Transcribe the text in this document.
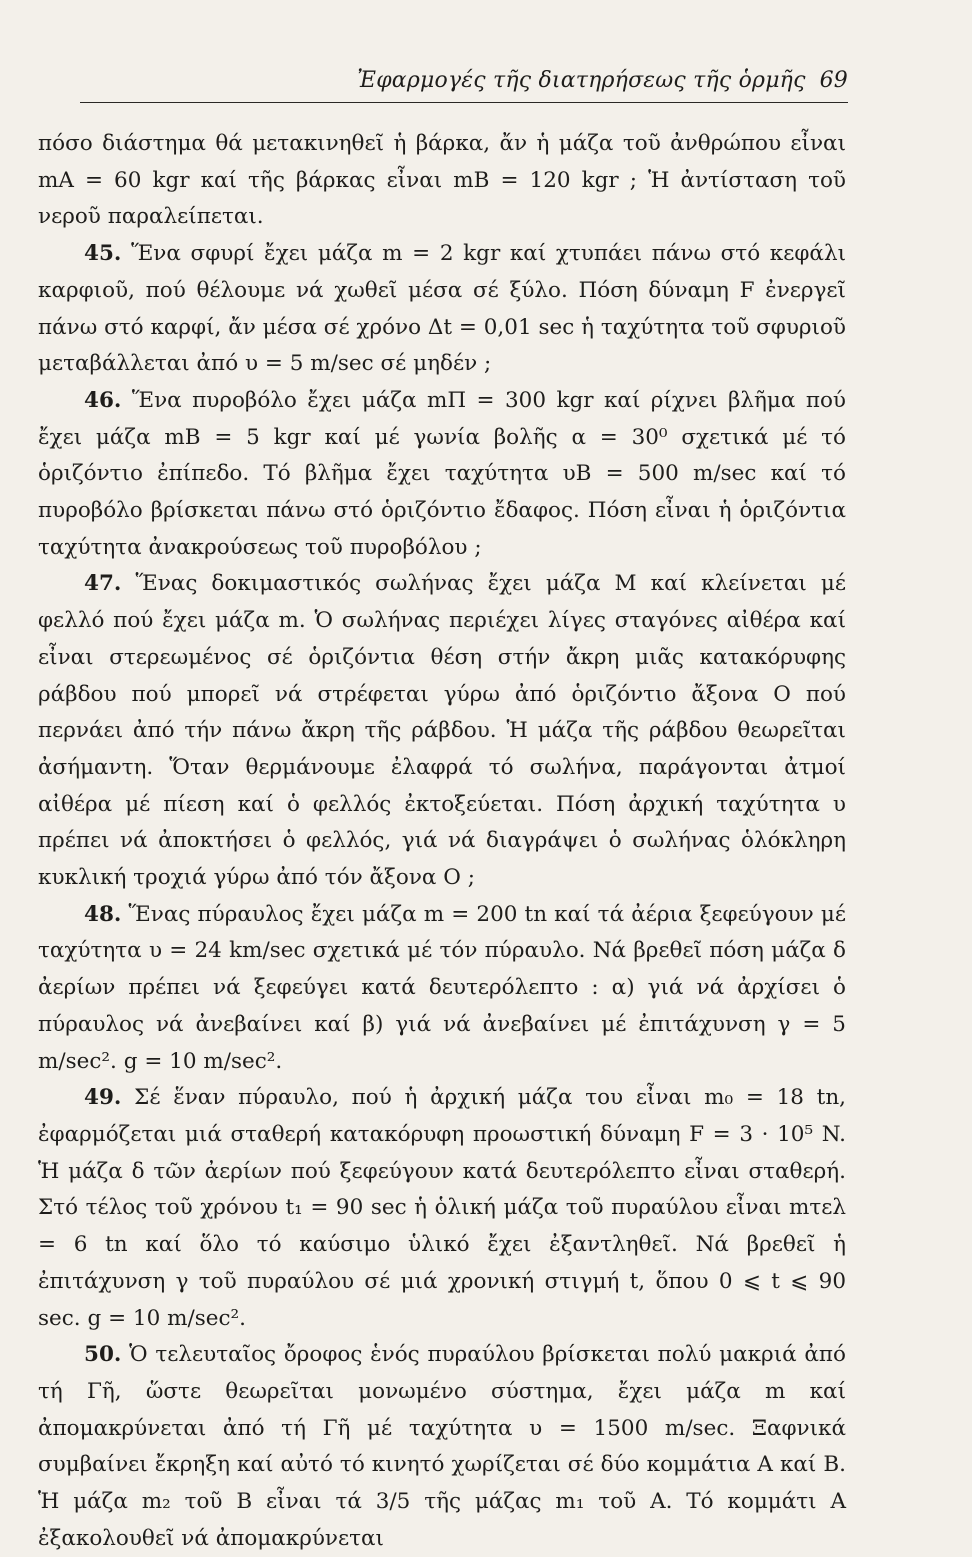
Ἐφαρμογές τῆς διατηρήσεως τῆς ὁρμῆς 69

πόσο διάστημα θά μετακινηθεῖ ἡ βάρκα, ἄν ἡ μάζα τοῦ ἀνθρώπου εἶναι mA = 60 kgr καί τῆς βάρκας εἶναι mB = 120 kgr ; Ἡ ἀντίσταση τοῦ νεροῦ παραλείπεται.

45. Ἕνα σφυρί ἔχει μάζα m = 2 kgr καί χτυπάει πάνω στό κεφάλι καρφιοῦ, πού θέλουμε νά χωθεῖ μέσα σέ ξύλο. Πόση δύναμη F ἐνεργεῖ πάνω στό καρφί, ἄν μέσα σέ χρόνο Δt = 0,01 sec ἡ ταχύτητα τοῦ σφυριοῦ μεταβάλλεται ἀπό υ = 5 m/sec σέ μηδέν ;

46. Ἕνα πυροβόλο ἔχει μάζα mΠ = 300 kgr καί ρίχνει βλῆμα πού ἔχει μάζα mB = 5 kgr καί μέ γωνία βολῆς α = 30⁰ σχετικά μέ τό ὁριζόντιο ἐπίπεδο. Τό βλῆμα ἔχει ταχύτητα υB = 500 m/sec καί τό πυροβόλο βρίσκεται πάνω στό ὁριζόντιο ἔδαφος. Πόση εἶναι ἡ ὁριζόντια ταχύτητα ἀνακρούσεως τοῦ πυροβόλου ;

47. Ἕνας δοκιμαστικός σωλήνας ἔχει μάζα M καί κλείνεται μέ φελλό πού ἔχει μάζα m. Ὁ σωλήνας περιέχει λίγες σταγόνες αἰθέρα καί εἶναι στερεωμένος σέ ὁριζόντια θέση στήν ἄκρη μιᾶς κατακόρυφης ράβδου πού μπορεῖ νά στρέφεται γύρω ἀπό ὁριζόντιο ἄξονα O πού περνάει ἀπό τήν πάνω ἄκρη τῆς ράβδου. Ἡ μάζα τῆς ράβδου θεωρεῖται ἀσήμαντη. Ὅταν θερμάνουμε ἐλαφρά τό σωλήνα, παράγονται ἀτμοί αἰθέρα μέ πίεση καί ὁ φελλός ἐκτοξεύεται. Πόση ἀρχική ταχύτητα υ πρέπει νά ἀποκτήσει ὁ φελλός, γιά νά διαγράψει ὁ σωλήνας ὁλόκληρη κυκλική τροχιά γύρω ἀπό τόν ἄξονα O ;

48. Ἕνας πύραυλος ἔχει μάζα m = 200 tn καί τά ἀέρια ξεφεύγουν μέ ταχύτητα υ = 24 km/sec σχετικά μέ τόν πύραυλο. Νά βρεθεῖ πόση μάζα δ ἀερίων πρέπει νά ξεφεύγει κατά δευτερόλεπτο : α) γιά νά ἀρχίσει ὁ πύραυλος νά ἀνεβαίνει καί β) γιά νά ἀνεβαίνει μέ ἐπιτάχυνση γ = 5 m/sec². g = 10 m/sec².

49. Σέ ἕναν πύραυλο, πού ἡ ἀρχική μάζα του εἶναι m₀ = 18 tn, ἐφαρμόζεται μιά σταθερή κατακόρυφη προωστική δύναμη F = 3 · 10⁵ N. Ἡ μάζα δ τῶν ἀερίων πού ξεφεύγουν κατά δευτερόλεπτο εἶναι σταθερή. Στό τέλος τοῦ χρόνου t₁ = 90 sec ἡ ὁλική μάζα τοῦ πυραύλου εἶναι mτελ = 6 tn καί ὅλο τό καύσιμο ὑλικό ἔχει ἐξαντληθεῖ. Νά βρεθεῖ ἡ ἐπιτάχυνση γ τοῦ πυραύλου σέ μιά χρονική στιγμή t, ὅπου 0 ⩽ t ⩽ 90 sec. g = 10 m/sec².

50. Ὁ τελευταῖος ὄροφος ἑνός πυραύλου βρίσκεται πολύ μακριά ἀπό τή Γῆ, ὥστε θεωρεῖται μονωμένο σύστημα, ἔχει μάζα m καί ἀπομακρύνεται ἀπό τή Γῆ μέ ταχύτητα υ = 1500 m/sec. Ξαφνικά συμβαίνει ἔκρηξη καί αὐτό τό κινητό χωρίζεται σέ δύο κομμάτια A καί B. Ἡ μάζα m₂ τοῦ B εἶναι τά 3/5 τῆς μάζας m₁ τοῦ A. Τό κομμάτι A ἐξακολουθεῖ νά ἀπομακρύνεται
